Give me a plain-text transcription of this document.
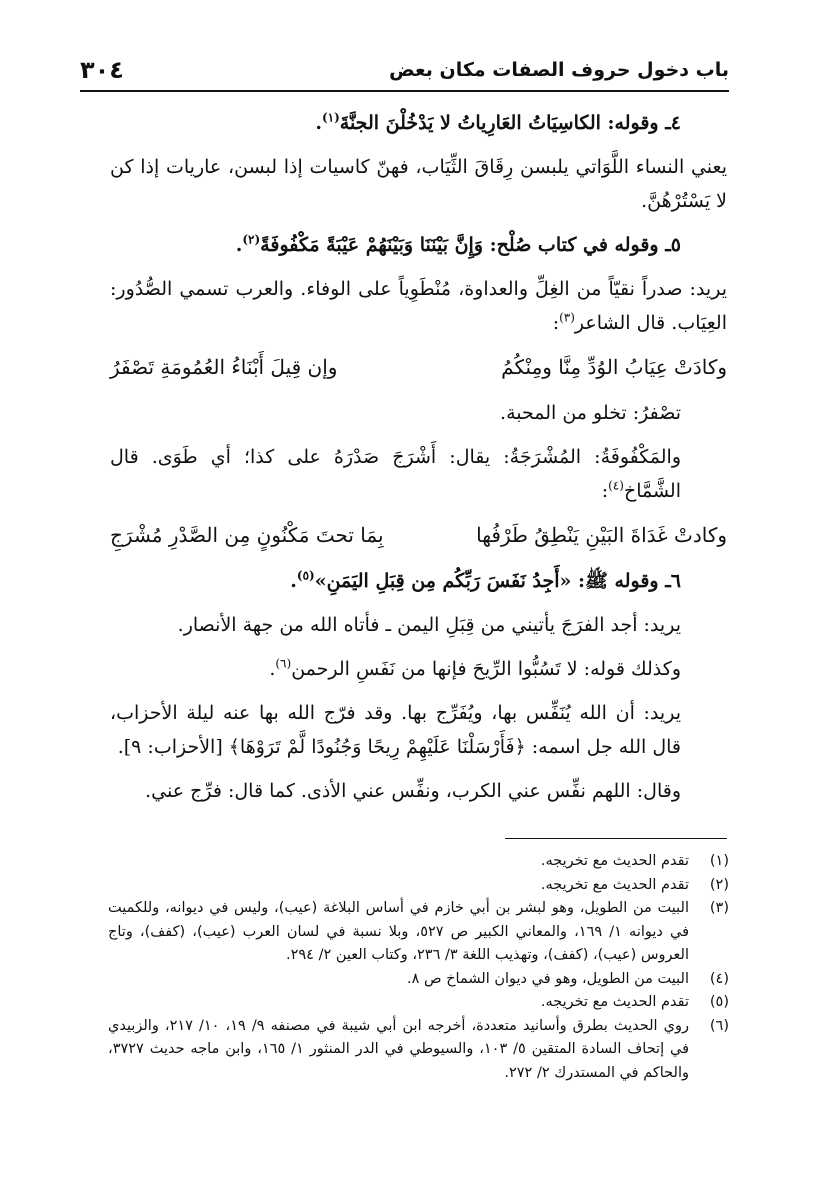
باب دخول حروف الصفات مكان بعض
٣٠٤

٤ـ وقوله: الكاسِيَاتُ العَارِياتُ لا يَدْخُلْنَ الجنَّةَ$^{(١)}$.

يعني النساء اللَّوَاتي يلبسن رِقَاقَ الثِّيَاب، فهنّ كاسيات إذا لبسن، عاريات إذا كن لا يَسْتُرْهُنَّ.

٥ـ وقوله في كتاب صُلْح: وَإِنَّ بَيْنَنَا وَبَيْنَهُمْ عَيْبَةً مَكْفُوفَةً$^{(٢)}$.

يريد: صدراً نقيّاً من الغِلِّ والعداوة، مُنْطَوِياً على الوفاء. والعرب تسمي الصُّدُور: العِيَاب. قال الشاعر$^{(٣)}$:

وكادَتْ عِيَابُ الوُدِّ مِنَّا ومِنْكُمُ
وإن قِيلَ أَبْنَاءُ العُمُومَةِ تَصْفَرُ

تصْفرُ: تخلو من المحبة.

والمَكْفُوفَةُ: المُشْرَجَةُ: يقال: أَشْرَجَ صَدْرَهُ على كذا؛ أي طَوَى. قال الشَّمَّاخ$^{(٤)}$:

وكادتْ غَدَاةَ البَيْنِ يَنْطِقُ طَرْفُها
بِمَا تحتَ مَكْنُونٍ مِن الصَّدْرِ مُشْرَجِ

٦ـ وقوله ﷺ: «أَجِدُ نَفَسَ رَبِّكُم مِن قِبَلِ اليَمَنِ»$^{(٥)}$.

يريد: أجد الفرَجَ يأتيني من قِبَلِ اليمن ـ فأتاه الله من جهة الأنصار.

وكذلك قوله: لا تَسُبُّوا الرِّيحَ فإنها من نَفَسِ الرحمن$^{(٦)}$.

يريد: أن الله يُنَفِّس بها، ويُفَرِّج بها. وقد فرّج الله بها عنه ليلة الأحزاب، قال الله جل اسمه: ﴿فَأَرْسَلْنَا عَلَيْهِمْ رِيحًا وَجُنُودًا لَّمْ تَرَوْهَا﴾ [الأحزاب: ٩].

وقال: اللهم نفِّس عني الكرب، ونفِّس عني الأذى. كما قال: فرِّج عني.

(١)
تقدم الحديث مع تخريجه.
(٢)
تقدم الحديث مع تخريجه.
(٣)
البيت من الطويل، وهو لبشر بن أبي خازم في أساس البلاغة (عيب)، وليس في ديوانه، وللكميت في ديوانه ١/ ١٦٩، والمعاني الكبير ص ٥٢٧، وبلا نسبة في لسان العرب (عيب)، (كفف)، وتاج العروس (عيب)، (كفف)، وتهذيب اللغة ٣/ ٢٣٦، وكتاب العين ٢/ ٢٩٤.
(٤)
البيت من الطويل، وهو في ديوان الشماخ ص ٨.
(٥)
تقدم الحديث مع تخريجه.
(٦)
روي الحديث بطرق وأسانيد متعددة، أخرجه ابن أبي شيبة في مصنفه ٩/ ١٩، ١٠/ ٢١٧، والزبيدي في إتحاف السادة المتقين ٥/ ١٠٣، والسيوطي في الدر المنثور ١/ ١٦٥، وابن ماجه حديث ٣٧٢٧، والحاكم في المستدرك ٢/ ٢٧٢.
